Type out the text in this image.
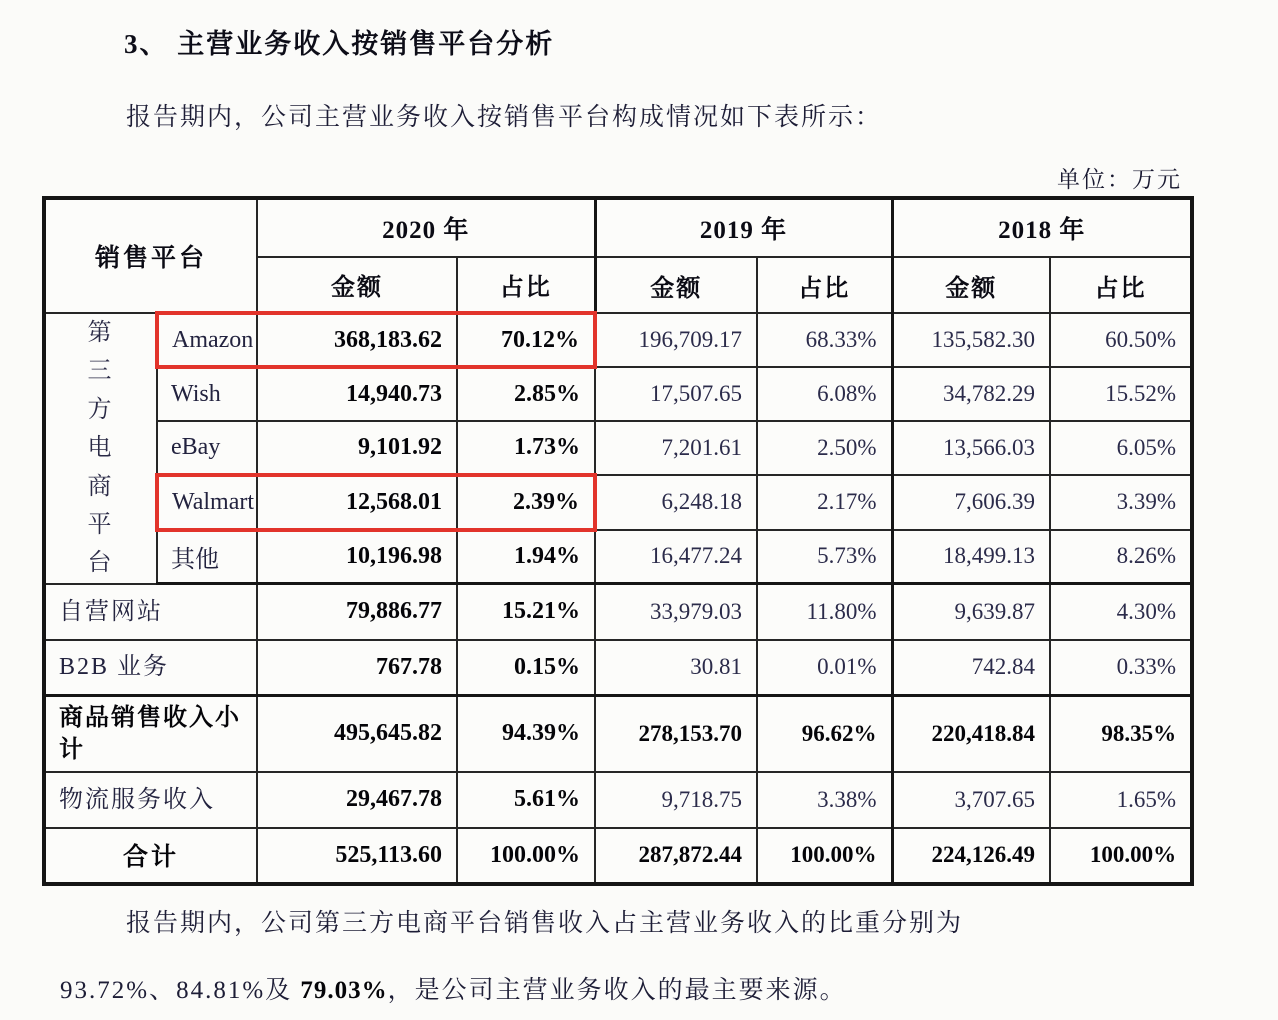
3、 主营业务收入按销售平台分析
报告期内，公司主营业务收入按销售平台构成情况如下表所示：
单位：万元
销售平台		2020 年		2019 年		2018 年	
		金额	占比	金额	占比	金额	占比
第三方电商平台	Amazon	368,183.62	70.12%	196,709.17	68.33%	135,582.30	60.50%
	Wish	14,940.73	2.85%	17,507.65	6.08%	34,782.29	15.52%
	eBay	9,101.92	1.73%	7,201.61	2.50%	13,566.03	6.05%
	Walmart	12,568.01	2.39%	6,248.18	2.17%	7,606.39	3.39%
	其他	10,196.98	1.94%	16,477.24	5.73%	18,499.13	8.26%
自营网站		79,886.77	15.21%	33,979.03	11.80%	9,639.87	4.30%
B2B 业务		767.78	0.15%	30.81	0.01%	742.84	0.33%
商品销售收入小计		495,645.82	94.39%	278,153.70	96.62%	220,418.84	98.35%
物流服务收入		29,467.78	5.61%	9,718.75	3.38%	3,707.65	1.65%
合计		525,113.60	100.00%	287,872.44	100.00%	224,126.49	100.00%
报告期内，公司第三方电商平台销售收入占主营业务收入的比重分别为
93.72%、84.81%及 79.03%，是公司主营业务收入的最主要来源。
